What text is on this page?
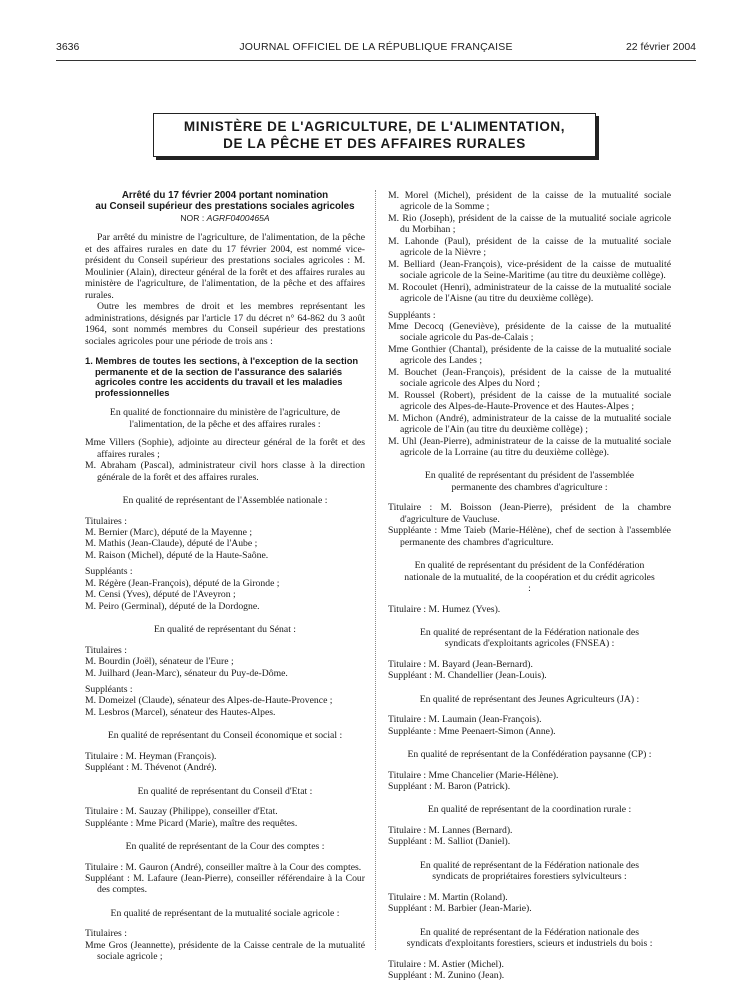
3636	JOURNAL OFFICIEL DE LA RÉPUBLIQUE FRANÇAISE	22 février 2004
MINISTÈRE DE L'AGRICULTURE, DE L'ALIMENTATION,
DE LA PÊCHE ET DES AFFAIRES RURALES
Arrêté du 17 février 2004 portant nomination
au Conseil supérieur des prestations sociales agricoles
NOR : AGRF0400465A

Par arrêté du ministre de l'agriculture, de l'alimentation, de la pêche et des affaires rurales en date du 17 février 2004, est nommé vice-président du Conseil supérieur des prestations sociales agricoles : M. Moulinier (Alain), directeur général de la forêt et des affaires rurales au ministère de l'agriculture, de l'alimentation, de la pêche et des affaires rurales.

Outre les membres de droit et les membres représentant les administrations, désignés par l'article 17 du décret n° 64-862 du 3 août 1964, sont nommés membres du Conseil supérieur des prestations sociales agricoles pour une période de trois ans :

1. Membres de toutes les sections, à l'exception de la section permanente et de la section de l'assurance des salariés agricoles contre les accidents du travail et les maladies professionnelles

En qualité de fonctionnaire du ministère de l'agriculture, de l'alimentation, de la pêche et des affaires rurales :

Mme Villers (Sophie), adjointe au directeur général de la forêt et des affaires rurales ;

M. Abraham (Pascal), administrateur civil hors classe à la direction générale de la forêt et des affaires rurales.

En qualité de représentant de l'Assemblée nationale :

Titulaires :

M. Bernier (Marc), député de la Mayenne ;

M. Mathis (Jean-Claude), député de l'Aube ;

M. Raison (Michel), député de la Haute-Saône.

Suppléants :

M. Régère (Jean-François), député de la Gironde ;

M. Censi (Yves), député de l'Aveyron ;

M. Peiro (Germinal), député de la Dordogne.

En qualité de représentant du Sénat :

Titulaires :

M. Bourdin (Joël), sénateur de l'Eure ;

M. Juilhard (Jean-Marc), sénateur du Puy-de-Dôme.

Suppléants :

M. Domeizel (Claude), sénateur des Alpes-de-Haute-Provence ;

M. Lesbros (Marcel), sénateur des Hautes-Alpes.

En qualité de représentant du Conseil économique et social :

Titulaire : M. Heyman (François).

Suppléant : M. Thévenot (André).

En qualité de représentant du Conseil d'Etat :

Titulaire : M. Sauzay (Philippe), conseiller d'Etat.

Suppléante : Mme Picard (Marie), maître des requêtes.

En qualité de représentant de la Cour des comptes :

Titulaire : M. Gauron (André), conseiller maître à la Cour des comptes.

Suppléant : M. Lafaure (Jean-Pierre), conseiller référendaire à la Cour des comptes.

En qualité de représentant de la mutualité sociale agricole :

Titulaires :

Mme Gros (Jeannette), présidente de la Caisse centrale de la mutualité sociale agricole ;

M. Morel (Michel), président de la caisse de la mutualité sociale agricole de la Somme ;

M. Rio (Joseph), président de la caisse de la mutualité sociale agricole du Morbihan ;

M. Lahonde (Paul), président de la caisse de la mutualité sociale agricole de la Nièvre ;

M. Belliard (Jean-François), vice-président de la caisse de mutualité sociale agricole de la Seine-Maritime (au titre du deuxième collège).

M. Rocoulet (Henri), administrateur de la caisse de la mutualité sociale agricole de l'Aisne (au titre du deuxième collège).

Suppléants :

Mme Decocq (Geneviève), présidente de la caisse de la mutualité sociale agricole du Pas-de-Calais ;

Mme Gonthier (Chantal), présidente de la caisse de la mutualité sociale agricole des Landes ;

M. Bouchet (Jean-François), président de la caisse de la mutualité sociale agricole des Alpes du Nord ;

M. Roussel (Robert), président de la caisse de la mutualité sociale agricole des Alpes-de-Haute-Provence et des Hautes-Alpes ;

M. Michon (André), administrateur de la caisse de la mutualité sociale agricole de l'Ain (au titre du deuxième collège) ;

M. Uhl (Jean-Pierre), administrateur de la caisse de la mutualité sociale agricole de la Lorraine (au titre du deuxième collège).

En qualité de représentant du président de l'assemblée permanente des chambres d'agriculture :

Titulaire : M. Boisson (Jean-Pierre), président de la chambre d'agriculture de Vaucluse.

Suppléante : Mme Taieb (Marie-Hélène), chef de section à l'assemblée permanente des chambres d'agriculture.

En qualité de représentant du président de la Confédération nationale de la mutualité, de la coopération et du crédit agricoles :

Titulaire : M. Humez (Yves).

En qualité de représentant de la Fédération nationale des syndicats d'exploitants agricoles (FNSEA) :

Titulaire : M. Bayard (Jean-Bernard).

Suppléant : M. Chandellier (Jean-Louis).

En qualité de représentant des Jeunes Agriculteurs (JA) :

Titulaire : M. Laumain (Jean-François).

Suppléante : Mme Peenaert-Simon (Anne).

En qualité de représentant de la Confédération paysanne (CP) :

Titulaire : Mme Chancelier (Marie-Hélène).

Suppléant : M. Baron (Patrick).

En qualité de représentant de la coordination rurale :

Titulaire : M. Lannes (Bernard).

Suppléant : M. Salliot (Daniel).

En qualité de représentant de la Fédération nationale des syndicats de propriétaires forestiers sylviculteurs :

Titulaire : M. Martin (Roland).

Suppléant : M. Barbier (Jean-Marie).

En qualité de représentant de la Fédération nationale des syndicats d'exploitants forestiers, scieurs et industriels du bois :

Titulaire : M. Astier (Michel).

Suppléant : M. Zunino (Jean).
